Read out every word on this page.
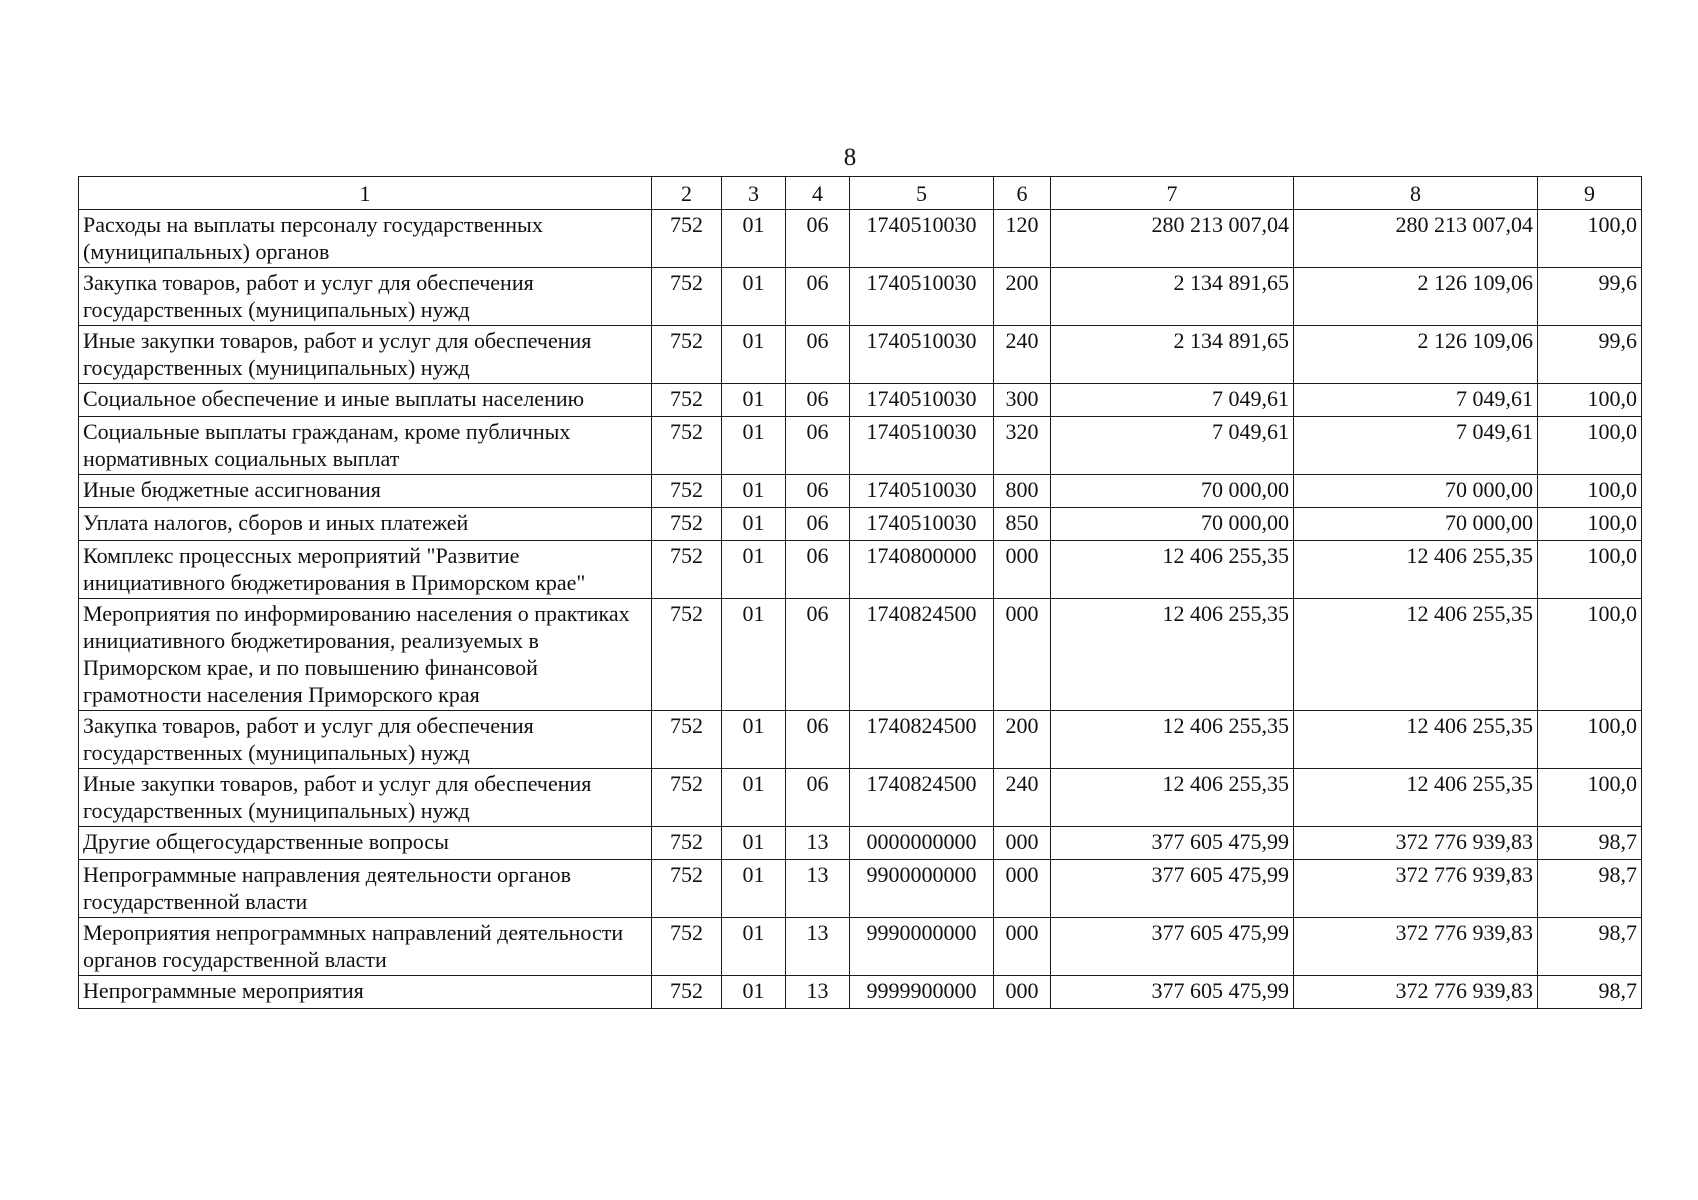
8
1	2	3	4	5	6	7	8	9
Расходы на выплаты персоналу государственных (муниципальных) органов	752	01	06	1740510030	120	280 213 007,04	280 213 007,04	100,0
Закупка товаров, работ и услуг для обеспечения государственных (муниципальных) нужд	752	01	06	1740510030	200	2 134 891,65	2 126 109,06	99,6
Иные закупки товаров, работ и услуг для обеспечения государственных (муниципальных) нужд	752	01	06	1740510030	240	2 134 891,65	2 126 109,06	99,6
Социальное обеспечение и иные выплаты населению	752	01	06	1740510030	300	7 049,61	7 049,61	100,0
Социальные выплаты гражданам, кроме публичных нормативных социальных выплат	752	01	06	1740510030	320	7 049,61	7 049,61	100,0
Иные бюджетные ассигнования	752	01	06	1740510030	800	70 000,00	70 000,00	100,0
Уплата налогов, сборов и иных платежей	752	01	06	1740510030	850	70 000,00	70 000,00	100,0
Комплекс процессных мероприятий "Развитие инициативного бюджетирования в Приморском крае"	752	01	06	1740800000	000	12 406 255,35	12 406 255,35	100,0
Мероприятия по информированию населения о практиках инициативного бюджетирования, реализуемых в Приморском крае, и по повышению финансовой грамотности населения Приморского края	752	01	06	1740824500	000	12 406 255,35	12 406 255,35	100,0
Закупка товаров, работ и услуг для обеспечения государственных (муниципальных) нужд	752	01	06	1740824500	200	12 406 255,35	12 406 255,35	100,0
Иные закупки товаров, работ и услуг для обеспечения государственных (муниципальных) нужд	752	01	06	1740824500	240	12 406 255,35	12 406 255,35	100,0
Другие общегосударственные вопросы	752	01	13	0000000000	000	377 605 475,99	372 776 939,83	98,7
Непрограммные направления деятельности органов государственной власти	752	01	13	9900000000	000	377 605 475,99	372 776 939,83	98,7
Мероприятия непрограммных направлений деятельности органов государственной власти	752	01	13	9990000000	000	377 605 475,99	372 776 939,83	98,7
Непрограммные мероприятия	752	01	13	9999900000	000	377 605 475,99	372 776 939,83	98,7
